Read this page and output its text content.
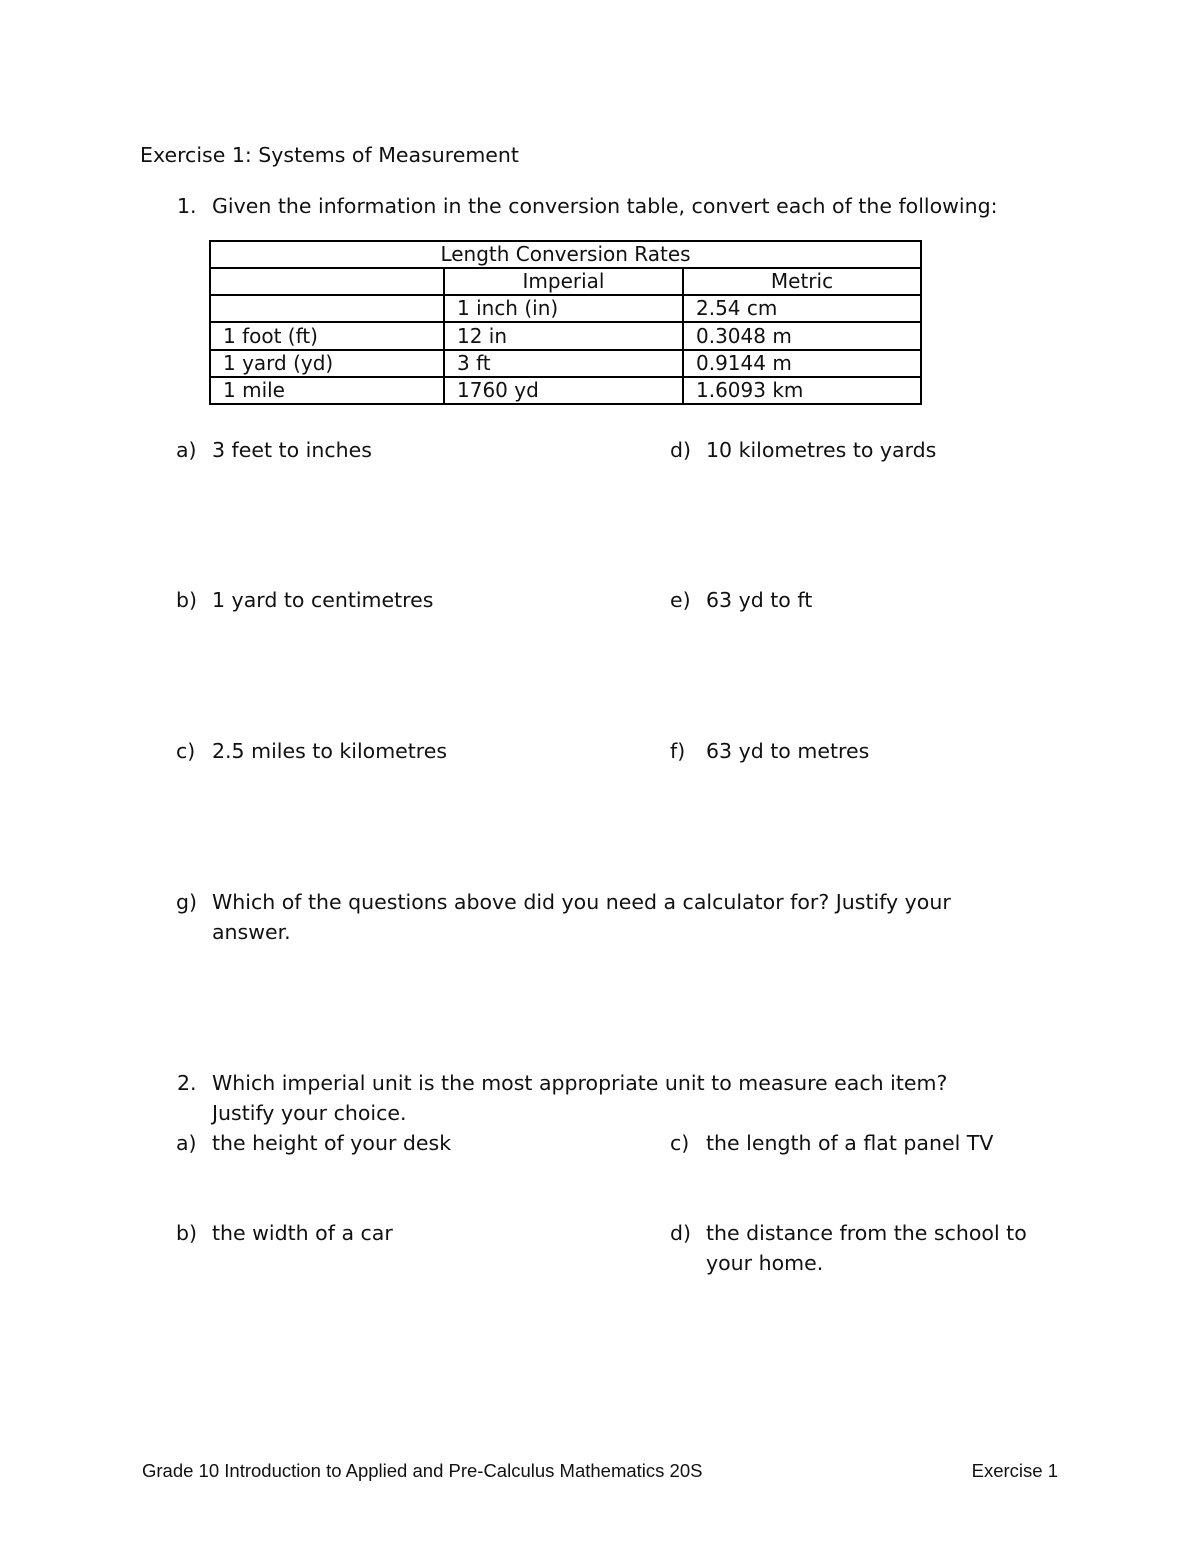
Exercise 1: Systems of Measurement
1. Given the information in the conversion table, convert each of the following:
Length Conversion Rates		
	Imperial	Metric
	1 inch (in)	2.54 cm
1 foot (ft)	12 in	0.3048 m
1 yard (yd)	3 ft	0.9144 m
1 mile	1760 yd	1.6093 km
a) 3 feet to inches
b) 1 yard to centimetres
c) 2.5 miles to kilometres
d) 10 kilometres to yards
e) 63 yd to ft
f)	63 yd to metres
g) Which of the questions above did you need a calculator for? Justify your
answer.
2. Which imperial unit is the most appropriate unit to measure each item?
Justify your choice.
a) the height of your desk
b) the width of a car
c) the length of a flat panel TV
d) the distance from the school to
your home.
Grade 10 Introduction to Applied and Pre-Calculus Mathematics 20S	Exercise 1
